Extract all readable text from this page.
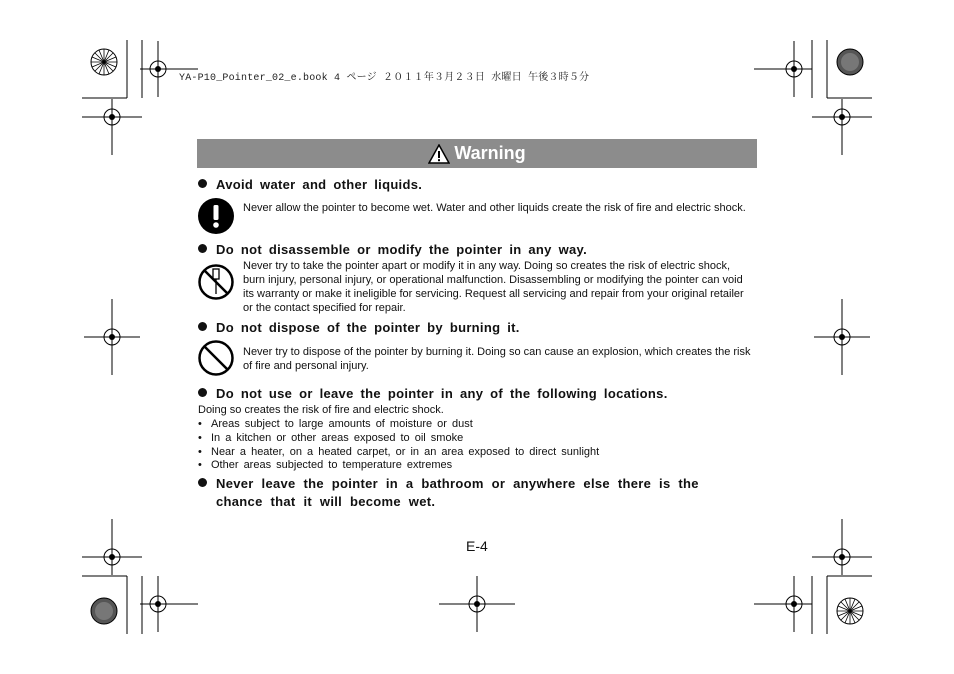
YA-P10_Pointer_02_e.book 4 ページ ２０１１年３月２３日 水曜日 午後３時５分
Warning
Avoid water and other liquids.
Never allow the pointer to become wet. Water and other liquids create the risk of fire and electric shock.
Do not disassemble or modify the pointer in any way.
Never try to take the pointer apart or modify it in any way. Doing so creates the risk of electric shock, burn injury, personal injury, or operational malfunction. Disassembling or modifying the pointer can void its warranty or make it ineligible for servicing. Request all servicing and repair from your original retailer or the contact specified for repair.
Do not dispose of the pointer by burning it.
Never try to dispose of the pointer by burning it. Doing so can cause an explosion, which creates the risk of fire and personal injury.
Do not use or leave the pointer in any of the following locations.
Doing so creates the risk of fire and electric shock.
• Areas subject to large amounts of moisture or dust
• In a kitchen or other areas exposed to oil smoke
• Near a heater, on a heated carpet, or in an area exposed to direct sunlight
• Other areas subjected to temperature extremes
Never leave the pointer in a bathroom or anywhere else there is the
chance that it will become wet.
E-4
